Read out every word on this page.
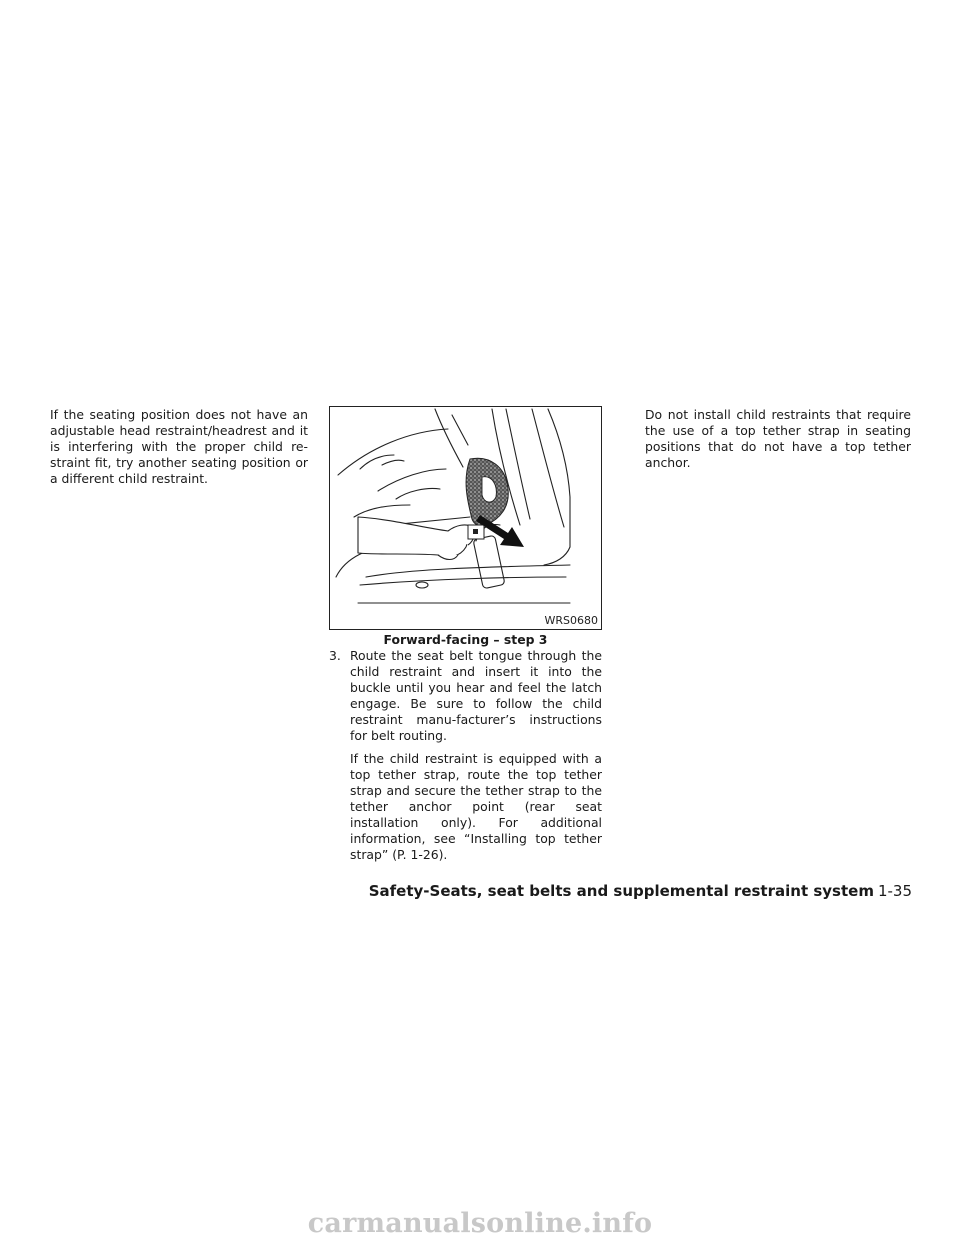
If the seating position does not have an adjustable head restraint/headrest and it is interfering with the proper child re-straint fit, try another seating position or a different child restraint.

WRS0680
Forward-facing – step 3
3. Route the seat belt tongue through the child restraint and insert it into the buckle until you hear and feel the latch engage. Be sure to follow the child restraint manu-facturer’s instructions for belt routing.

If the child restraint is equipped with a top tether strap, route the top tether strap and secure the tether strap to the tether anchor point (rear seat installation only). For additional information, see “Installing top tether strap” (P. 1-26).

Do not install child restraints that require the use of a top tether strap in seating positions that do not have a top tether anchor.

Safety-Seats, seat belts and supplemental restraint system 1-35
carmanualsonline.info
